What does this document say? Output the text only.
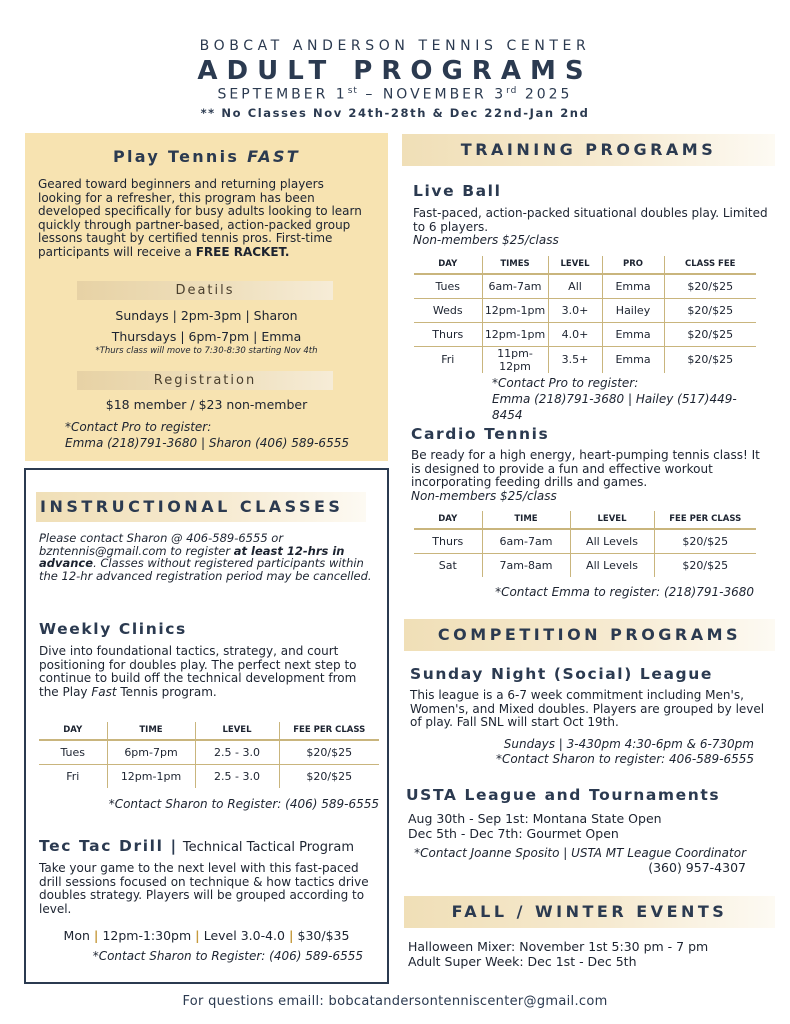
BOBCAT ANDERSON TENNIS CENTER
ADULT PROGRAMS
SEPTEMBER 1st – NOVEMBER 3rd 2025
** No Classes Nov 24th-28th & Dec 22nd-Jan 2nd
Play Tennis FAST
Geared toward beginners and returning players looking for a refresher, this program has been developed specifically for busy adults looking to learn quickly through partner-based, action-packed group lessons taught by certified tennis pros. First-time participants will receive a FREE RACKET.
Deatils
Sundays | 2pm-3pm | Sharon
Thursdays | 6pm-7pm | Emma
*Thurs class will move to 7:30-8:30 starting Nov 4th
Registration
$18 member / $23 non-member
*Contact Pro to register:
Emma (218)791-3680 | Sharon (406) 589-6555
INSTRUCTIONAL CLASSES
Please contact Sharon @ 406-589-6555 or bzntennis@gmail.com to register at least 12-hrs in advance. Classes without registered participants within the 12-hr advanced registration period may be cancelled.
Weekly Clinics
Dive into foundational tactics, strategy, and court positioning for doubles play. The perfect next step to continue to build off the technical development from the Play Fast Tennis program.
DAY	TIME	LEVEL	FEE PER CLASS
Tues	6pm-7pm	2.5 - 3.0	$20/$25
Fri	12pm-1pm	2.5 - 3.0	$20/$25
*Contact Sharon to Register: (406) 589-6555
Tec Tac Drill | Technical Tactical Program
Take your game to the next level with this fast-paced drill sessions focused on technique & how tactics drive doubles strategy. Players will be grouped according to level.
Mon | 12pm-1:30pm | Level 3.0-4.0 | $30/$35
*Contact Sharon to Register: (406) 589-6555
TRAINING PROGRAMS
Live Ball
Fast-paced, action-packed situational doubles play. Limited to 6 players.
Non-members $25/class
DAY	TIMES	LEVEL	PRO	CLASS FEE
Tues	6am-7am	All	Emma	$20/$25
Weds	12pm-1pm	3.0+	Hailey	$20/$25
Thurs	12pm-1pm	4.0+	Emma	$20/$25
Fri	11pm-12pm	3.5+	Emma	$20/$25
*Contact Pro to register:
Emma (218)791-3680 | Hailey (517)449-8454
Cardio Tennis
Be ready for a high energy, heart-pumping tennis class! It is designed to provide a fun and effective workout incorporating feeding drills and games.
Non-members $25/class
DAY	TIME	LEVEL	FEE PER CLASS
Thurs	6am-7am	All Levels	$20/$25
Sat	7am-8am	All Levels	$20/$25
*Contact Emma to register: (218)791-3680
COMPETITION PROGRAMS
Sunday Night (Social) League
This league is a 6-7 week commitment including Men's, Women's, and Mixed doubles. Players are grouped by level of play. Fall SNL will start Oct 19th.
Sundays | 3-430pm 4:30-6pm & 6-730pm
*Contact Sharon to register: 406-589-6555
USTA League and Tournaments
Aug 30th - Sep 1st: Montana State Open
Dec 5th - Dec 7th: Gourmet Open
*Contact Joanne Sposito | USTA MT League Coordinator
(360) 957-4307
FALL / WINTER EVENTS
Halloween Mixer: November 1st 5:30 pm - 7 pm
Adult Super Week: Dec 1st - Dec 5th
For questions emaill: bobcatandersontenniscenter@gmail.com
